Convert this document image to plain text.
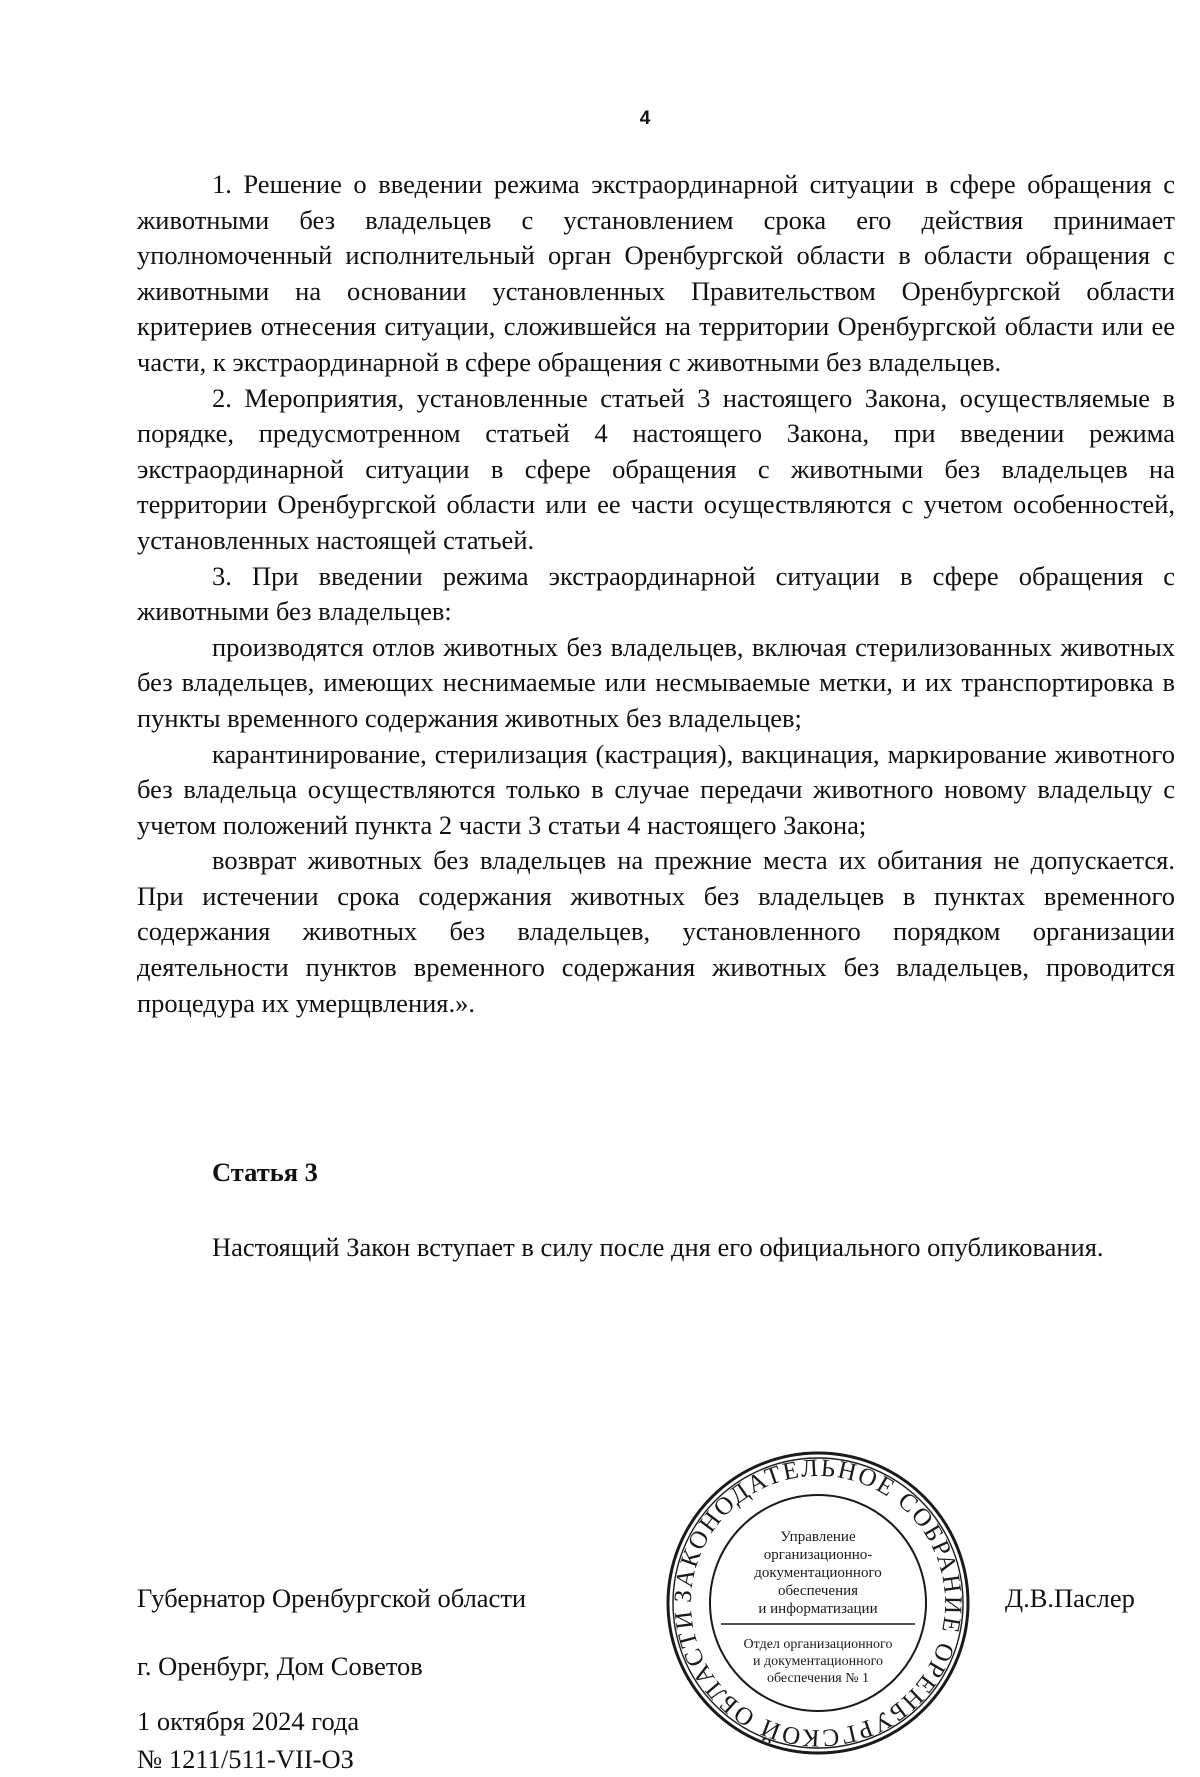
4

1. Решение о введении режима экстраординарной ситуации в сфере обращения с животными без владельцев с установлением срока его действия принимает уполномоченный исполнительный орган Оренбургской области в области обращения с животными на основании установленных Правительством Оренбургской области критериев отнесения ситуации, сложившейся на территории Оренбургской области или ее части, к экстраординарной в сфере обращения с животными без владельцев.

2. Мероприятия, установленные статьей 3 настоящего Закона, осуществляемые в порядке, предусмотренном статьей 4 настоящего Закона, при введении режима экстраординарной ситуации в сфере обращения с животными без владельцев на территории Оренбургской области или ее части осуществляются с учетом особенностей, установленных настоящей статьей.

3. При введении режима экстраординарной ситуации в сфере обращения с животными без владельцев:

производятся отлов животных без владельцев, включая стерилизованных животных без владельцев, имеющих неснимаемые или несмываемые метки, и их транспортировка в пункты временного содержания животных без владельцев;

карантинирование, стерилизация (кастрация), вакцинация, маркирование животного без владельца осуществляются только в случае передачи животного новому владельцу с учетом положений пункта 2 части 3 статьи 4 настоящего Закона;

возврат животных без владельцев на прежние места их обитания не допускается. При истечении срока содержания животных без владельцев в пунктах временного содержания животных без владельцев, установленного порядком организации деятельности пунктов временного содержания животных без владельцев, проводится процедура их умерщвления.».

Статья 3
Настоящий Закон вступает в силу после дня его официального опубликования.
Губернатор Оренбургской области	Д.В.Паслер
г. Оренбург, Дом Советов
1 октября 2024 года
№ 1211/511-VII-ОЗ
ЗАКОНОДАТЕЛЬНОЕ СОБРАНИЕ ОРЕНБУРГСКОЙ ОБЛАСТИ
Управление
организационно-
документационного
обеспечения
и информатизации
Отдел организационного
и документационного
обеспечения № 1
